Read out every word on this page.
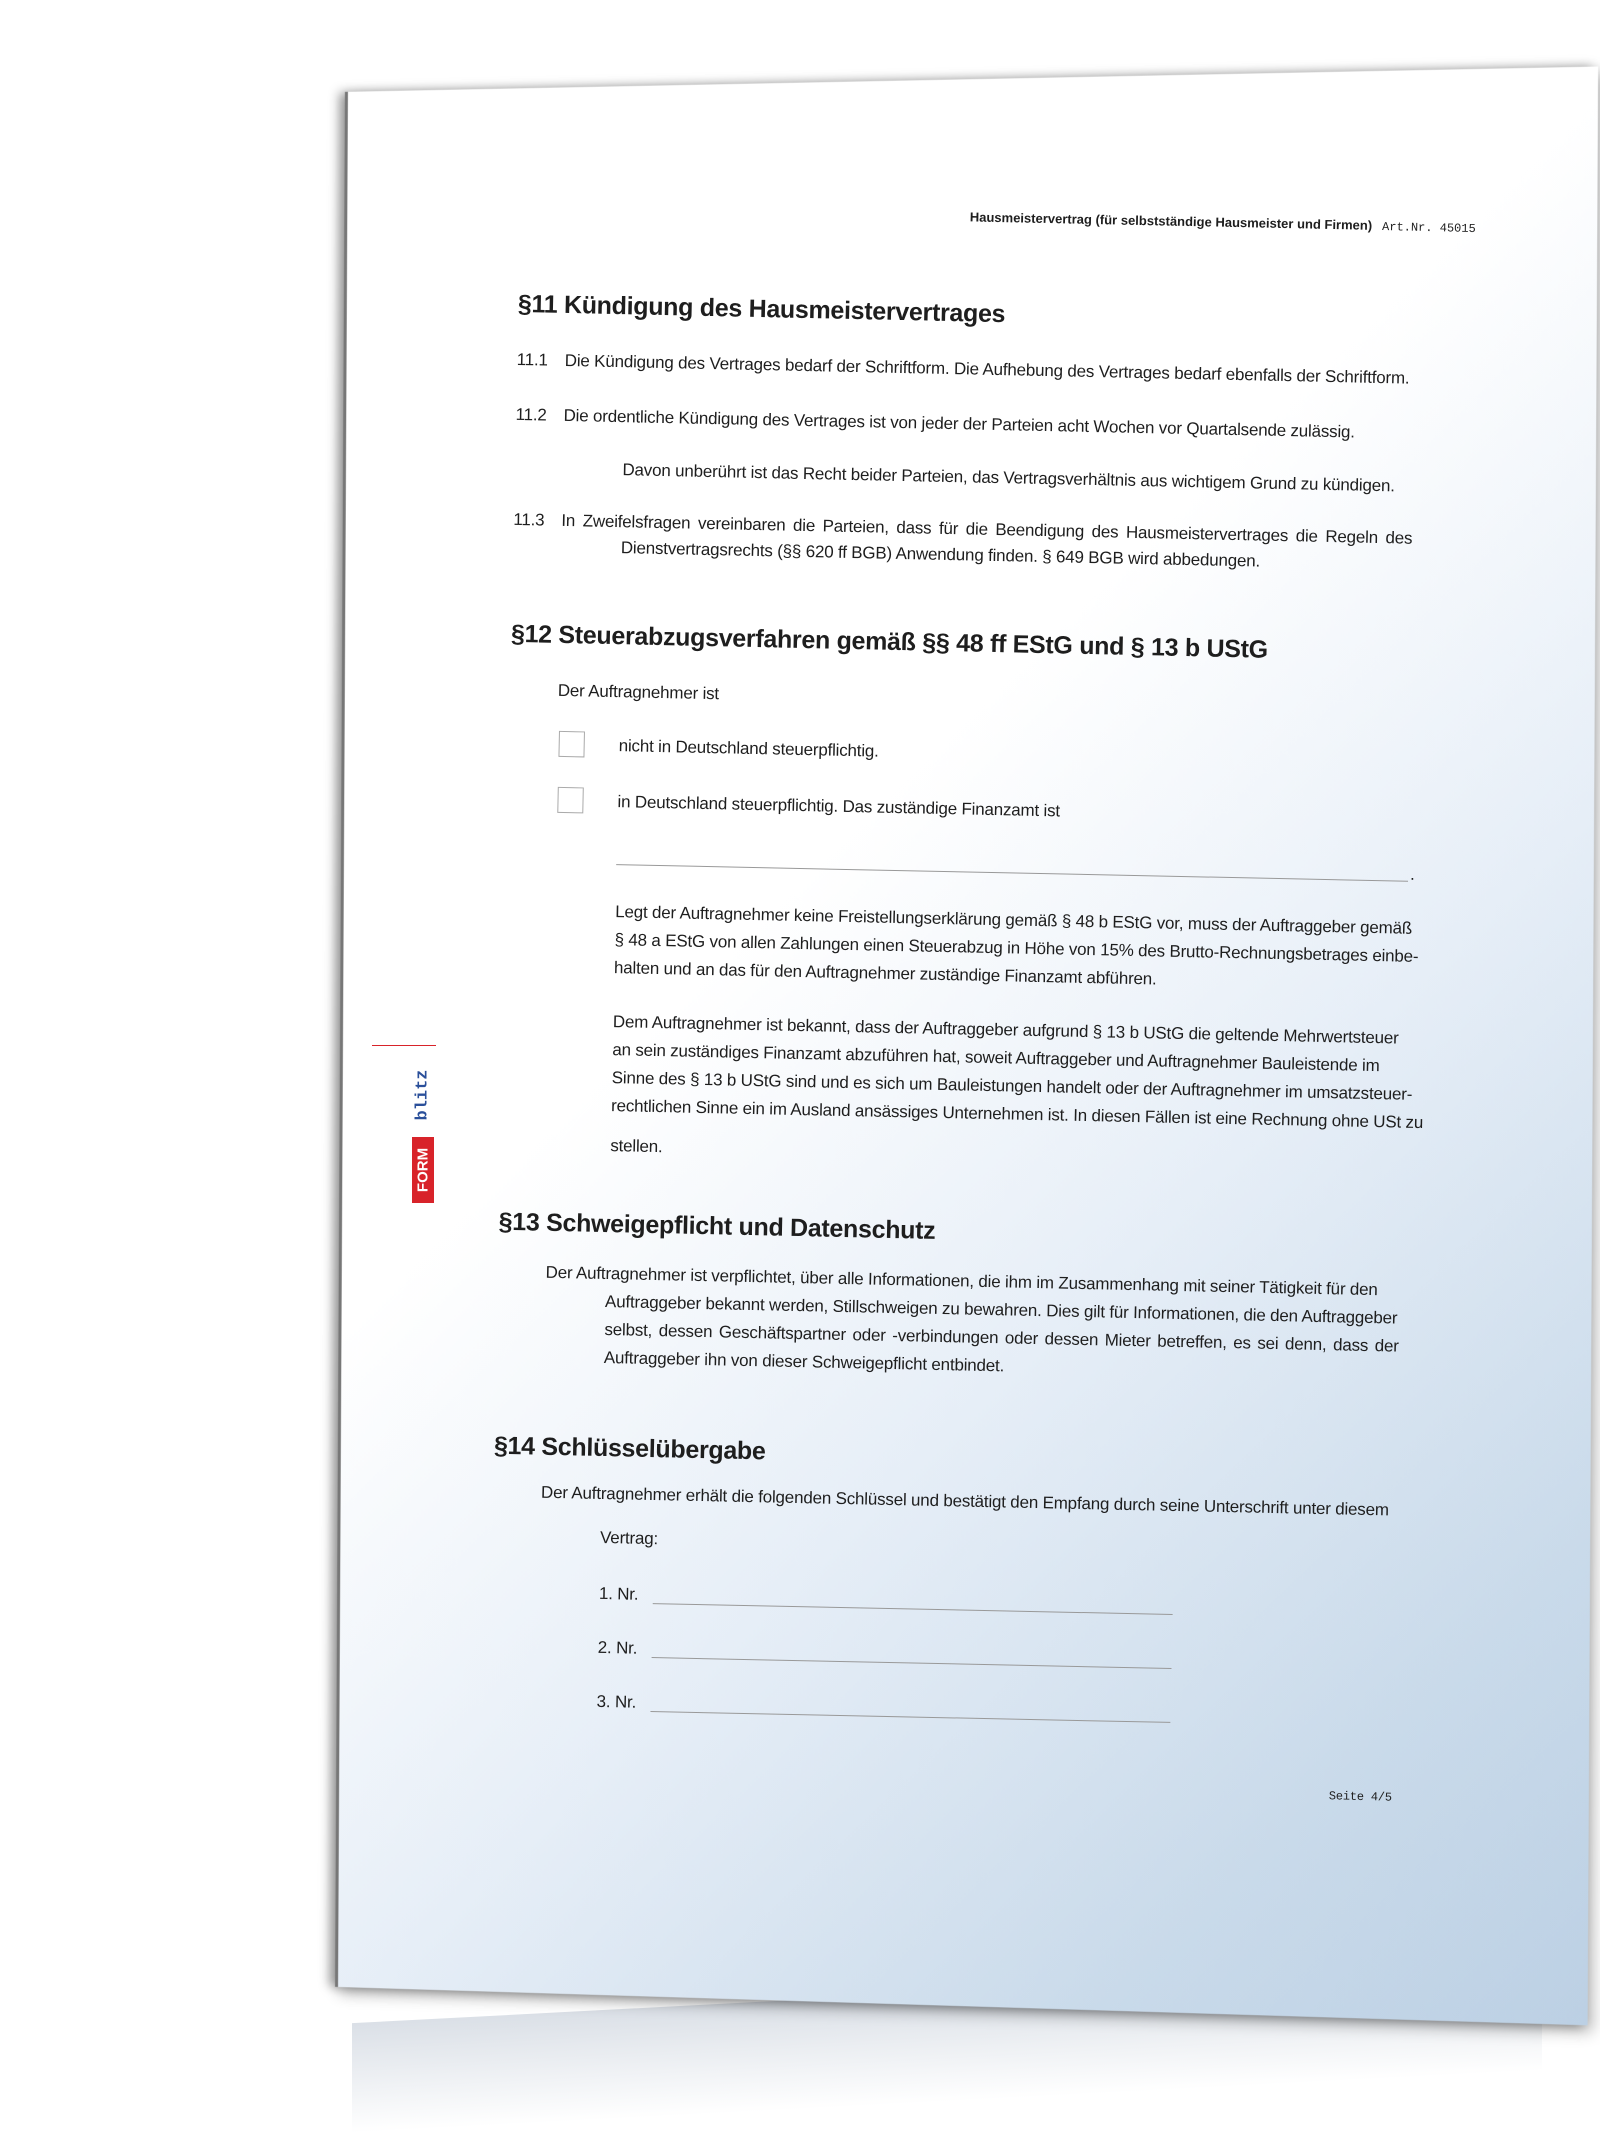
blitz
FORM
Hausmeistervertrag (für selbstständige Hausmeister und Firmen) Art.Nr. 45015
§11 Kündigung des Hausmeistervertrages
11.1 Die Kündigung des Vertrages bedarf der Schriftform. Die Aufhebung des Vertrages bedarf ebenfalls der Schriftform.
11.2 Die ordentliche Kündigung des Vertrages ist von jeder der Parteien acht Wochen vor Quartalsende zulässig.
Davon unberührt ist das Recht beider Parteien, das Vertragsverhältnis aus wichtigem Grund zu kündigen.
11.3 In Zweifelsfragen vereinbaren die Parteien, dass für die Beendigung des Hausmeistervertrages die Regeln des
Dienstvertragsrechts (§§ 620 ff BGB) Anwendung finden. § 649 BGB wird abbedungen.
§12 Steuerabzugsverfahren gemäß §§ 48 ff EStG und § 13 b UStG
Der Auftragnehmer ist
nicht in Deutschland steuerpflichtig.
in Deutschland steuerpflichtig. Das zuständige Finanzamt ist
.
Legt der Auftragnehmer keine Freistellungserklärung gemäß § 48 b EStG vor, muss der Auftraggeber gemäß
§ 48 a EStG von allen Zahlungen einen Steuerabzug in Höhe von 15% des Brutto-Rechnungsbetrages einbe-
halten und an das für den Auftragnehmer zuständige Finanzamt abführen.
Dem Auftragnehmer ist bekannt, dass der Auftraggeber aufgrund § 13 b UStG die geltende Mehrwertsteuer
an sein zuständiges Finanzamt abzuführen hat, soweit Auftraggeber und Auftragnehmer Bauleistende im
Sinne des § 13 b UStG sind und es sich um Bauleistungen handelt oder der Auftragnehmer im umsatzsteuer-
rechtlichen Sinne ein im Ausland ansässiges Unternehmen ist. In diesen Fällen ist eine Rechnung ohne USt zu
stellen.
§13 Schweigepflicht und Datenschutz
Der Auftragnehmer ist verpflichtet, über alle Informationen, die ihm im Zusammenhang mit seiner Tätigkeit für den
Auftraggeber bekannt werden, Stillschweigen zu bewahren. Dies gilt für Informationen, die den Auftraggeber
selbst, dessen Geschäftspartner oder -verbindungen oder dessen Mieter betreffen, es sei denn, dass der
Auftraggeber ihn von dieser Schweigepflicht entbindet.
§14 Schlüsselübergabe
Der Auftragnehmer erhält die folgenden Schlüssel und bestätigt den Empfang durch seine Unterschrift unter diesem
Vertrag:
1. Nr.
2. Nr.
3. Nr.
Seite 4/5
